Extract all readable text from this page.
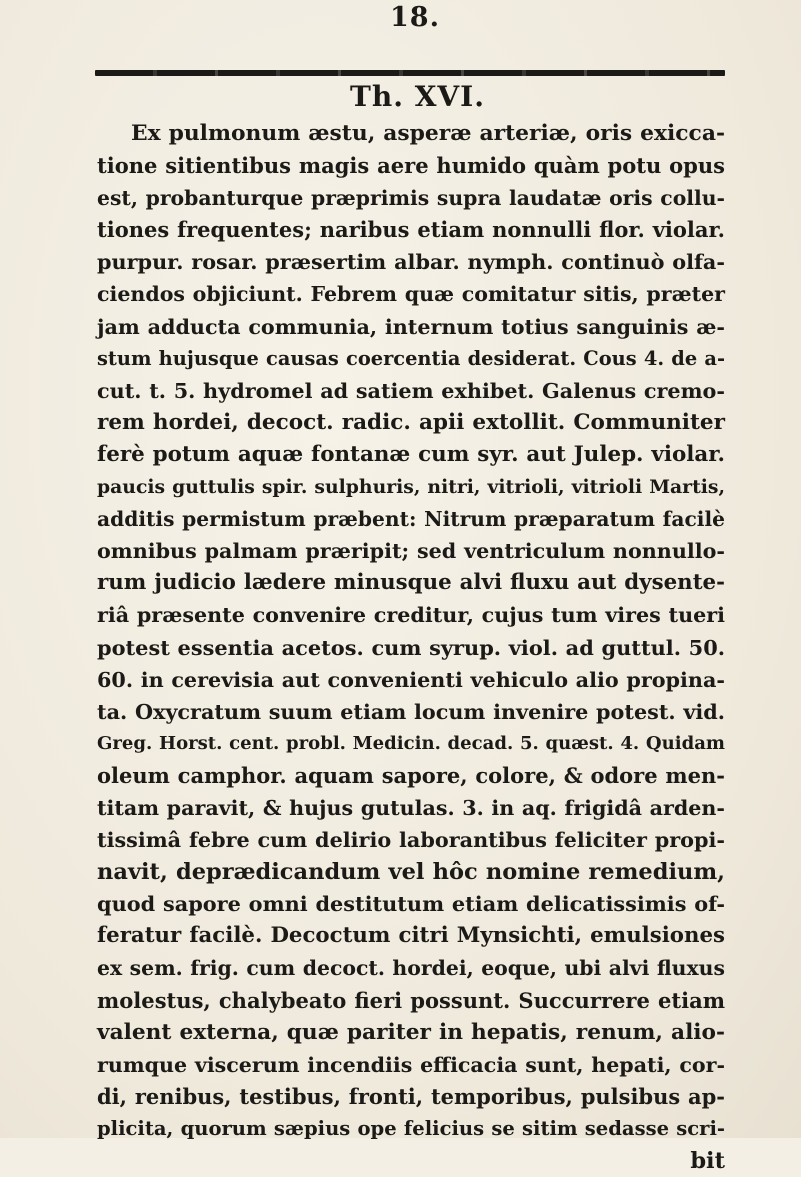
18.
Th. XVI.
Ex pulmonum æstu, asperæ arteriæ, oris exicca-
tione sitientibus magis aere humido quàm potu opus
est, probanturque præprimis supra laudatæ oris collu-
tiones frequentes; naribus etiam nonnulli flor. violar.
purpur. rosar. præsertim albar. nymph. continuò olfa-
ciendos objiciunt. Febrem quæ comitatur sitis, præter
jam adducta communia, internum totius sanguinis æ-
stum hujusque causas coercentia desiderat. Cous 4. de a-
cut. t. 5. hydromel ad satiem exhibet. Galenus cremo-
rem hordei, decoct. radic. apii extollit. Communiter
ferè potum aquæ fontanæ cum syr. aut Julep. violar.
paucis guttulis spir. sulphuris, nitri, vitrioli, vitrioli Martis,
additis permistum præbent: Nitrum præparatum facilè
omnibus palmam præripit; sed ventriculum nonnullo-
rum judicio lædere minusque alvi fluxu aut dysente-
riâ præsente convenire creditur, cujus tum vires tueri
potest essentia acetos. cum syrup. viol. ad guttul. 50.
60. in cerevisia aut convenienti vehiculo alio propina-
ta. Oxycratum suum etiam locum invenire potest. vid.
Greg. Horst. cent. probl. Medicin. decad. 5. quæst. 4. Quidam
oleum camphor. aquam sapore, colore, & odore men-
titam paravit, & hujus gutulas. 3. in aq. frigidâ arden-
tissimâ febre cum delirio laborantibus feliciter propi-
navit, deprædicandum vel hôc nomine remedium,
quod sapore omni destitutum etiam delicatissimis of-
feratur facilè. Decoctum citri Mynsichti, emulsiones
ex sem. frig. cum decoct. hordei, eoque, ubi alvi fluxus
molestus, chalybeato fieri possunt. Succurrere etiam
valent externa, quæ pariter in hepatis, renum, alio-
rumque viscerum incendiis efficacia sunt, hepati, cor-
di, renibus, testibus, fronti, temporibus, pulsibus ap-
plicita, quorum sæpius ope felicius se sitim sedasse scri-
bit
